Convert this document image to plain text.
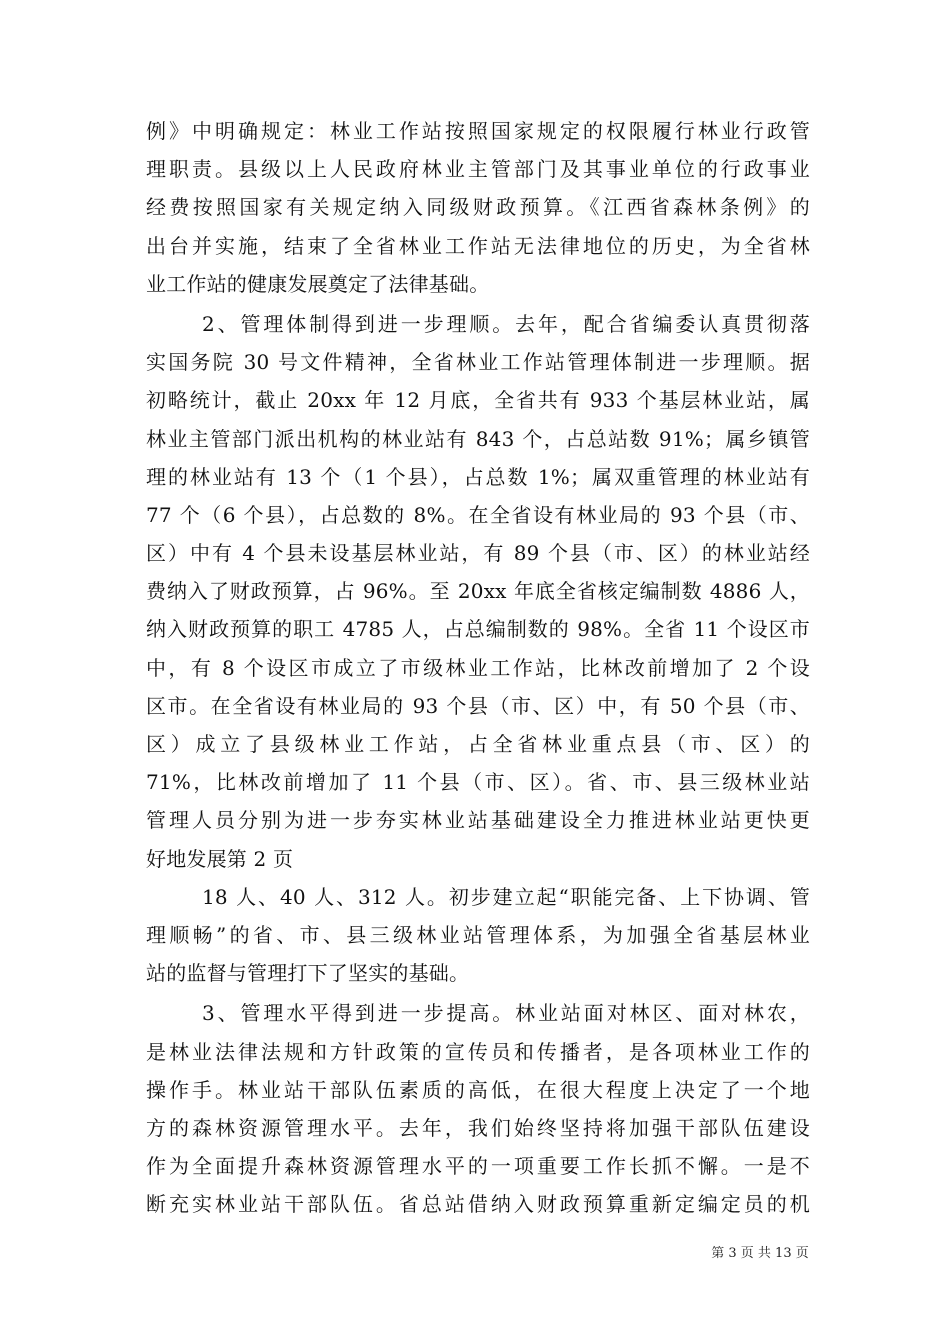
例》中明确规定：林业工作站按照国家规定的权限履行林业行政管
理职责。县级以上人民政府林业主管部门及其事业单位的行政事业
经费按照国家有关规定纳入同级财政预算。《江西省森林条例》的
出台并实施，结束了全省林业工作站无法律地位的历史，为全省林
业工作站的健康发展奠定了法律基础。
2、管理体制得到进一步理顺。去年，配合省编委认真贯彻落
实国务院 30 号文件精神，全省林业工作站管理体制进一步理顺。据
初略统计，截止 20xx 年 12 月底，全省共有 933 个基层林业站，属
林业主管部门派出机构的林业站有 843 个，占总站数 91%；属乡镇管
理的林业站有 13 个（1 个县），占总数 1%；属双重管理的林业站有
77 个（6 个县），占总数的 8%。在全省设有林业局的 93 个县（市、
区）中有 4 个县未设基层林业站，有 89 个县（市、区）的林业站经
费纳入了财政预算，占 96%。至 20xx 年底全省核定编制数 4886 人，
纳入财政预算的职工 4785 人，占总编制数的 98%。全省 11 个设区市
中，有 8 个设区市成立了市级林业工作站，比林改前增加了 2 个设
区市。在全省设有林业局的 93 个县（市、区）中，有 50 个县（市、
区）成立了县级林业工作站，占全省林业重点县（市、区）的
71%，比林改前增加了 11 个县（市、区）。省、市、县三级林业站
管理人员分别为进一步夯实林业站基础建设全力推进林业站更快更
好地发展第 2 页
18 人、40 人、312 人。初步建立起“职能完备、上下协调、管
理顺畅”的省、市、县三级林业站管理体系，为加强全省基层林业
站的监督与管理打下了坚实的基础。
3、管理水平得到进一步提高。林业站面对林区、面对林农，
是林业法律法规和方针政策的宣传员和传播者，是各项林业工作的
操作手。林业站干部队伍素质的高低，在很大程度上决定了一个地
方的森林资源管理水平。去年，我们始终坚持将加强干部队伍建设
作为全面提升森林资源管理水平的一项重要工作长抓不懈。一是不
断充实林业站干部队伍。省总站借纳入财政预算重新定编定员的机
第 3 页 共 13 页
